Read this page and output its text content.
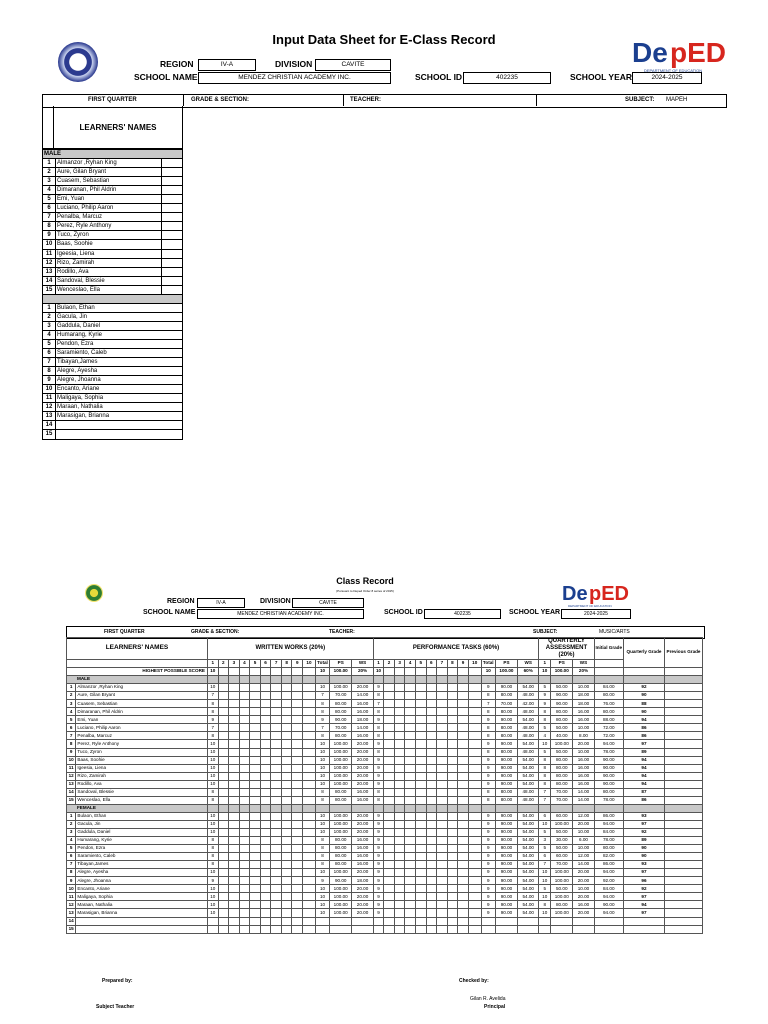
Input Data Sheet for E-Class Record	De pED
DEPARTMENT OF EDUCATION
REGION	IV-A	DIVISION	CAVITE
SCHOOL NAME	MENDEZ CHRISTIAN ACADEMY INC.	SCHOOL ID	402235	SCHOOL YEAR	2024-2025
FIRST QUARTER	GRADE & SECTION:	TEACHER:	SUBJECT: MAPEH
LEARNERS' NAMES
MALE		
1	Almanzor ,Ryhan King	
2	Aure, Gilan Bryant	
3	Cuasem, Sebastian	
4	Dimaranan, Phil Aldrin	
5	Emi, Yuan	
6	Luciano, Philip Aaron	
7	Penalba, Marcuz	
8	Perez, Ryle Anthony	
9	Tuco, Zyron	
10	Baas, Soohie	
11	Igeesia, Liena	
12	Rizo, Zamirah	
13	Rodillo, Ava	
14	Sandoval, Blessie	
15	Wenceslao, Ella	

1	Bulaon, Ethan	
2	Gacula, Jin	
3	Gaddula, Daniel	
4	Humarang, Kyrie	
5	Pendon, Ezra	
6	Saramiento, Caleb	
7	Tibayan,James	
8	Alegre, Ayesha	
9	Alegre, Jhoanna	
10	Encanto, Ariane	
11	Maligaya, Sophia	
12	Maraan, Nathalia	
13	Marasigan, Brianna	
14		
15		
Class Record
(Pursuant to Deped Order 8 series of 2015)	De pED
DEPARTMENT OF EDUCATION
REGION	IV-A	DIVISION	CAVITE
SCHOOL NAME	MENDEZ CHRISTIAN ACADEMY INC.	SCHOOL ID	402235	SCHOOL YEAR	2024-2025
FIRST QUARTER	GRADE & SECTION:	TEACHER:	SUBJECT:	MUSIC/ARTS
LEARNERS' NAMES		WRITTEN WORKS (20%)													PERFORMANCE TASKS (60%)													QUARTERLY ASSESSMENT (20%)			Initial Grade	Quarterly Grade	Previous Grade

		1	2	3	4	5	6	7	8	9	10	Total	PS	WS	1	2	3	4	5	6	7	8	9	10	Total	PS	WS	1	PS	WS			
HIGHEST POSSIBLE SCORE		10										10	100.00	20%	10										10	100.00	60%	10	100.00	20%			
MALE																																	
1	Almanzor ,Ryhan King	10										10	100.00	20.00	9										9	90.00	54.00	5	50.00	10.00	84.00	92	
2	Aure, Gilan Bryant	7										7	70.00	14.00	8										8	80.00	48.00	9	90.00	18.00	80.00	90	
3	Cuasem, Sebastian	8										8	80.00	16.00	7										7	70.00	42.00	9	90.00	18.00	76.00	88	
4	Dimaranan, Phil Aldrin	8										8	80.00	16.00	8										8	80.00	48.00	8	80.00	16.00	80.00	90	
5	Emi, Yuan	9										9	90.00	18.00	9										9	90.00	54.00	8	80.00	16.00	88.00	94	
6	Luciano, Philip Aaron	7										7	70.00	14.00	8										8	80.00	48.00	5	50.00	10.00	72.00	86	
7	Penalba, Marcuz	8										8	80.00	16.00	8										8	80.00	48.00	4	40.00	8.00	72.00	86	
8	Perez, Ryle Anthony	10										10	100.00	20.00	9										9	90.00	54.00	10	100.00	20.00	94.00	97	
9	Tuco, Zyron	10										10	100.00	20.00	8										8	80.00	48.00	5	50.00	10.00	78.00	89	
10	Baas, Soohie	10										10	100.00	20.00	9										9	90.00	54.00	8	80.00	16.00	90.00	94	
11	Igeesia, Liena	10										10	100.00	20.00	9										9	90.00	54.00	8	80.00	16.00	90.00	94	
12	Rizo, Zamirah	10										10	100.00	20.00	9										9	90.00	54.00	8	80.00	16.00	90.00	94	
13	Rodillo, Ava	10										10	100.00	20.00	9										9	90.00	54.00	8	80.00	16.00	90.00	94	
14	Sandoval, Blessie	8										8	80.00	16.00	8										8	80.00	48.00	7	70.00	14.00	80.00	87	
15	Wenceslao, Ella	8										8	80.00	16.00	8										8	80.00	48.00	7	70.00	14.00	78.00	86	
FEMALE																																	
1	Bulaon, Ethan	10										10	100.00	20.00	9										9	90.00	54.00	6	60.00	12.00	86.00	93	
2	Gacula, Jin	10										10	100.00	20.00	9										9	90.00	54.00	10	100.00	20.00	94.00	97	
3	Gaddula, Daniel	10										10	100.00	20.00	9										9	90.00	54.00	5	50.00	10.00	84.00	92	
4	Humarang, Kyrie	8										8	80.00	16.00	9										9	90.00	54.00	3	30.00	6.00	78.00	89	
5	Pendon, Ezra	8										8	80.00	16.00	9										9	90.00	54.00	5	50.00	10.00	80.00	90	
6	Saramiento, Caleb	8										8	80.00	16.00	9										9	90.00	54.00	6	60.00	12.00	82.00	90	
7	Tibayan,James	8										8	80.00	16.00	9										9	90.00	54.00	7	70.00	14.00	86.00	93	
8	Alegre, Ayesha	10										10	100.00	20.00	9										9	90.00	54.00	10	100.00	20.00	94.00	97	
9	Alegre, Jhoanna	9										9	90.00	18.00	9										9	90.00	54.00	10	100.00	20.00	92.00	96	
10	Encanto, Ariane	10										10	100.00	20.00	9										9	90.00	54.00	5	50.00	10.00	84.00	92	
11	Maligaya, Sophia	10										10	100.00	20.00	9										9	90.00	54.00	10	100.00	20.00	94.00	97	
12	Maraan, Nathalia	10										10	100.00	20.00	9										9	90.00	54.00	8	80.00	16.00	90.00	94	
13	Marasigan, Brianna	10										10	100.00	20.00	9										9	90.00	54.00	10	100.00	20.00	94.00	97	
14																																	
15																																	
Prepared by:	Checked by:
Subject Teacher
Gilan R. Avelida
Principal
